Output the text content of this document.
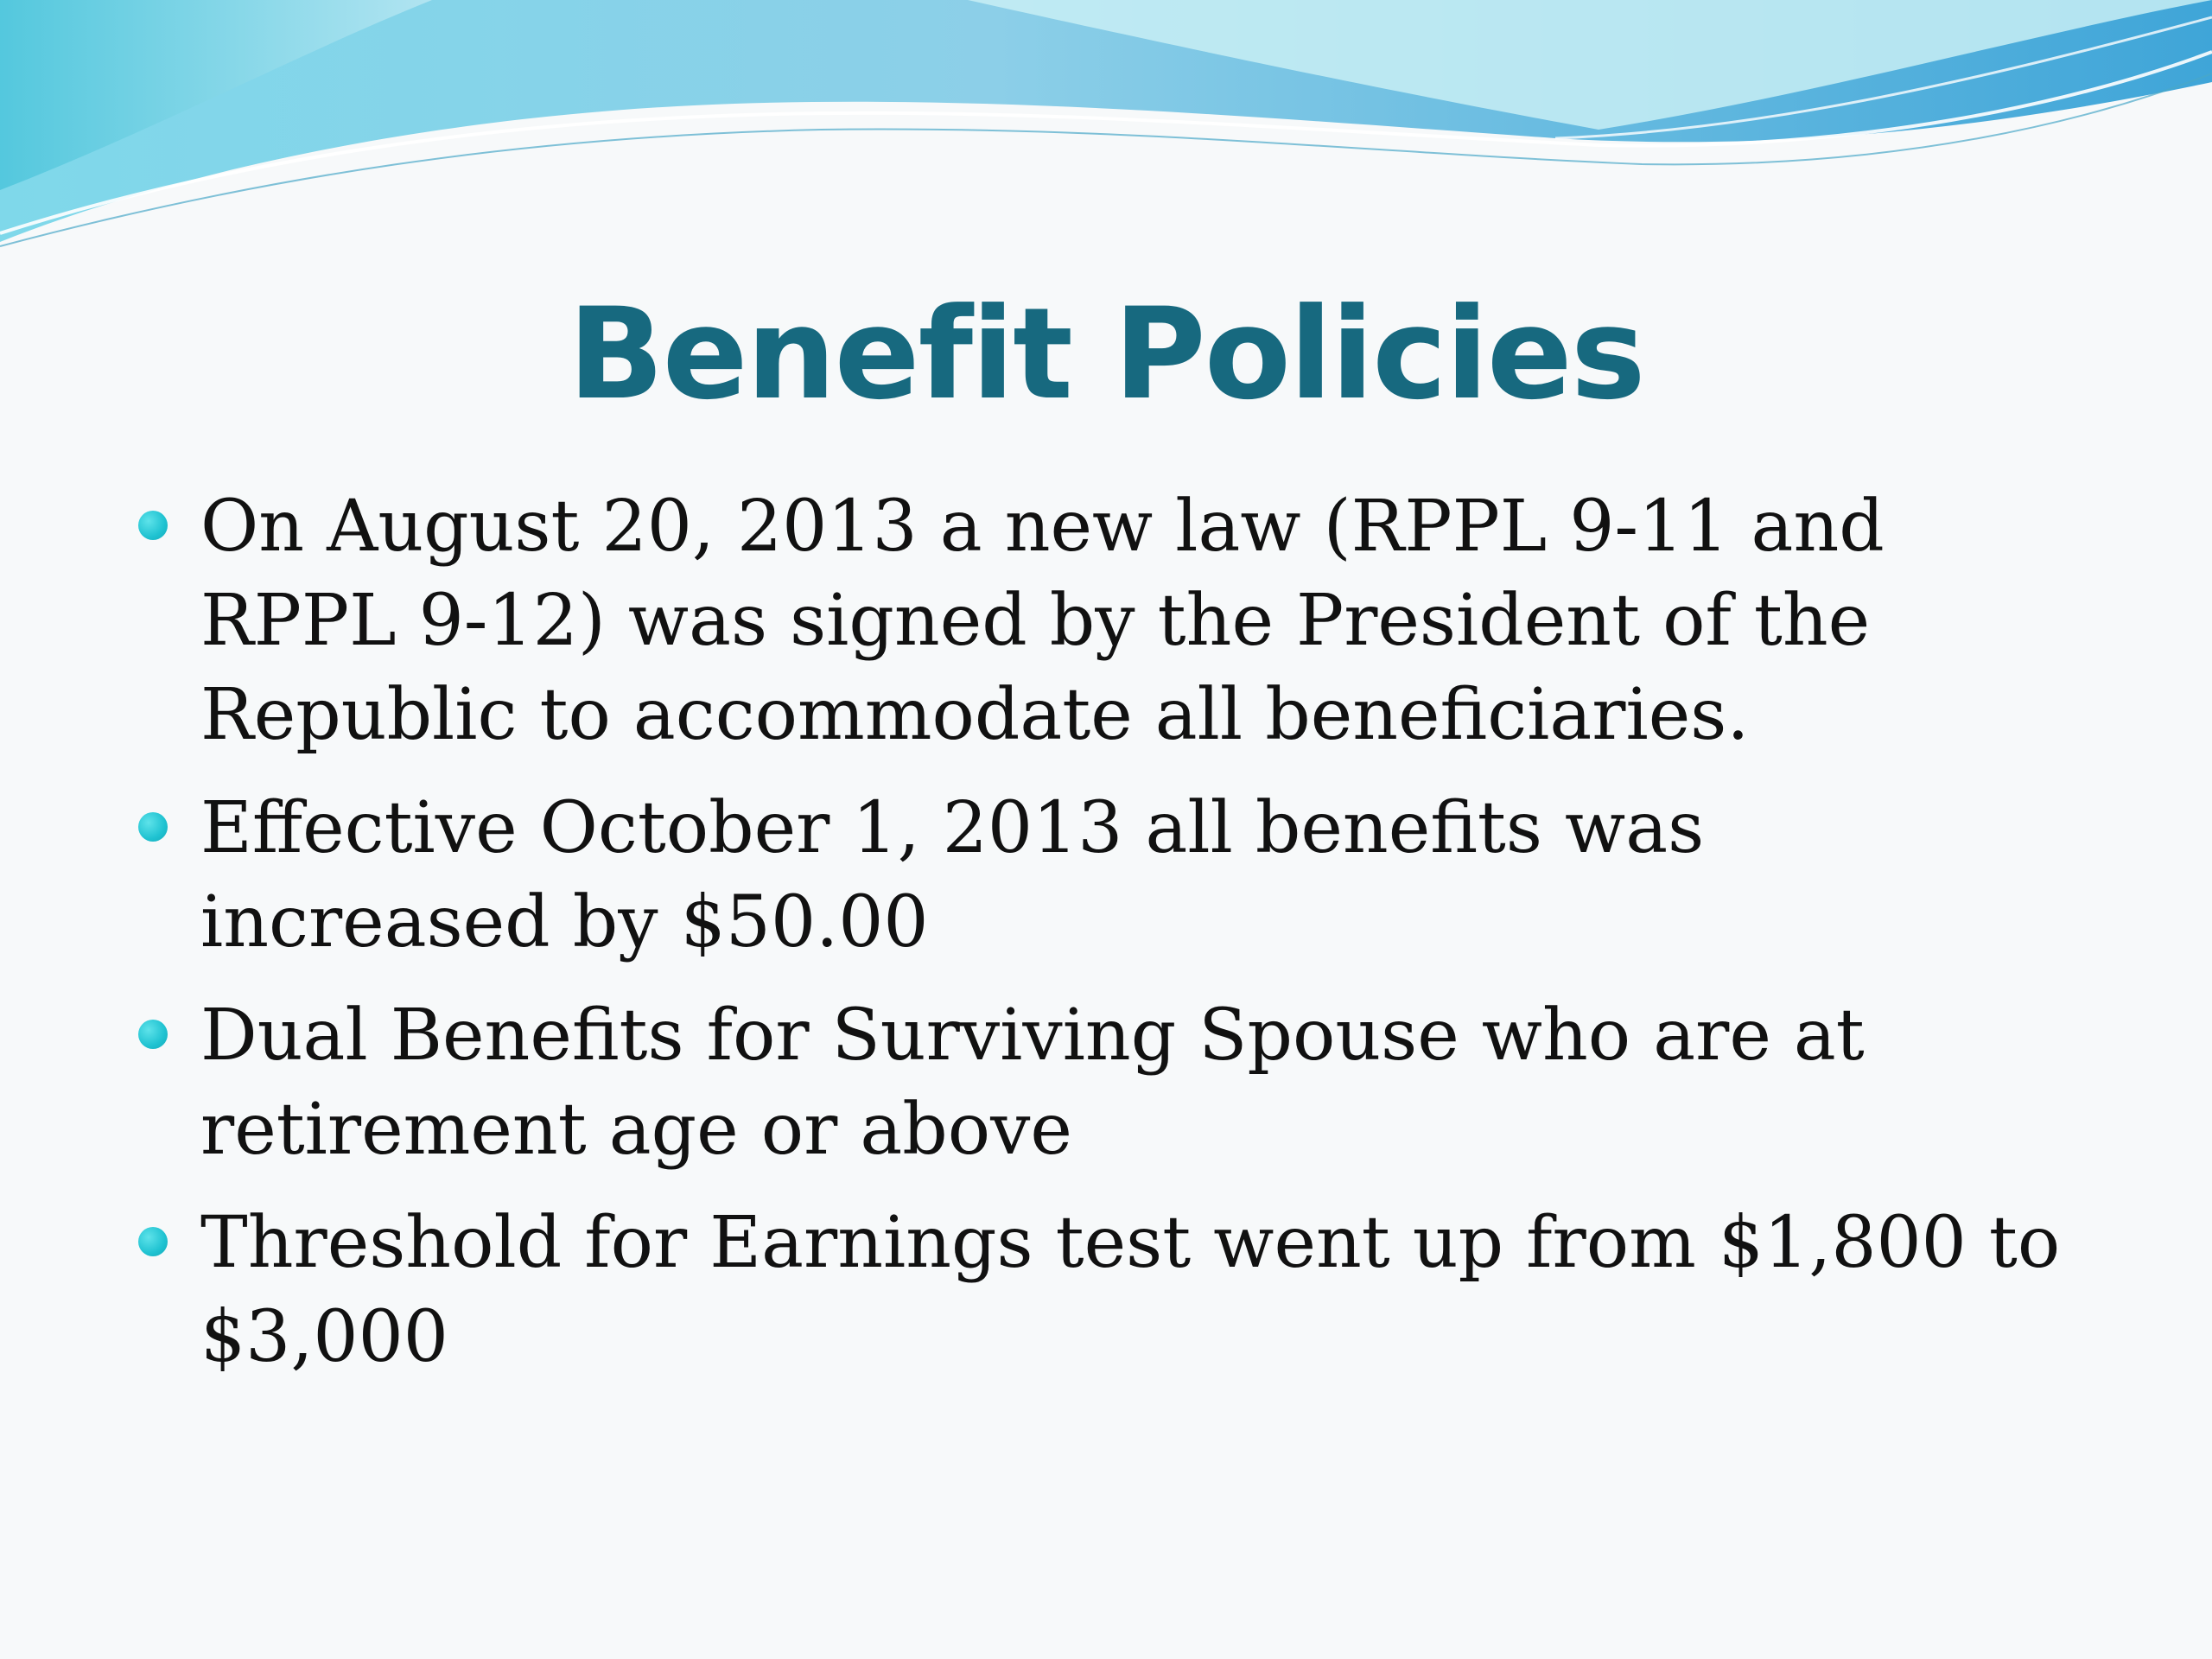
Benefit Policies
On August 20, 2013 a new law (RPPL 9-11 and RPPL 9-12) was signed by the President of the Republic to accommodate all beneficiaries.
Effective October 1, 2013 all benefits was increased by $50.00
Dual Benefits for Surviving Spouse who are at retirement age or above
Threshold for Earnings test went up from $1,800 to $3,000
